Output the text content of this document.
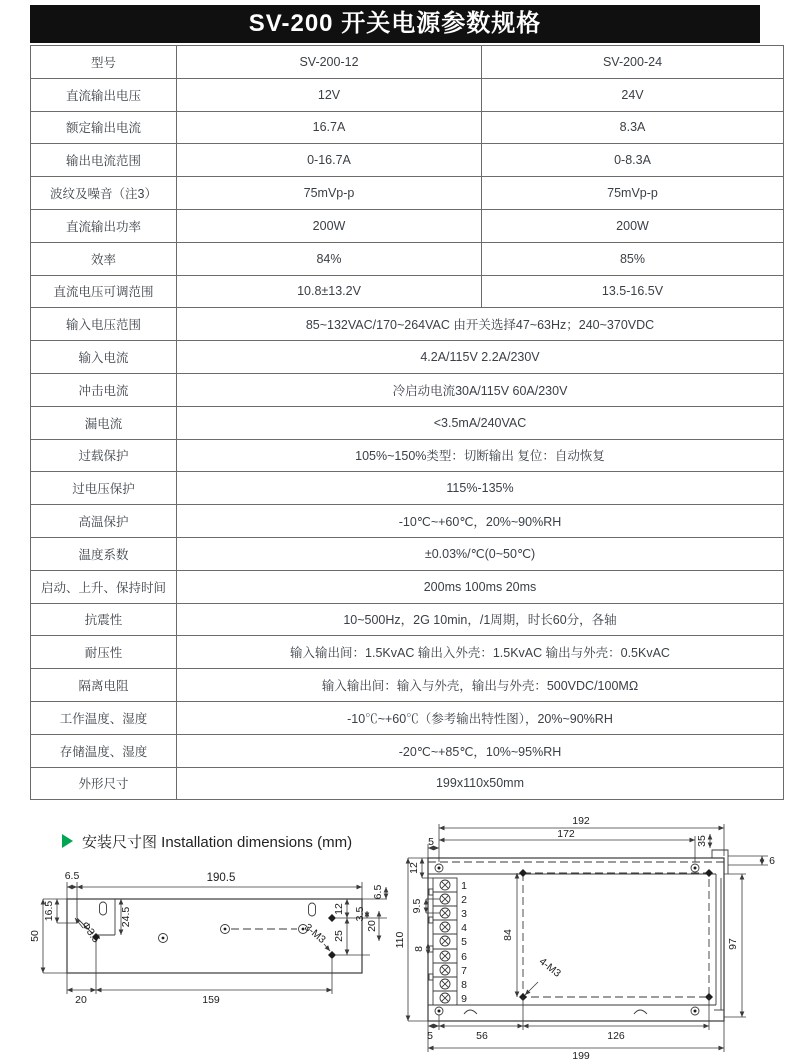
SV-200 开关电源参数规格
型号	SV-200-12	SV-200-24
直流输出电压	12V	24V
额定输出电流	16.7A	8.3A
输出电流范围	0-16.7A	0-8.3A
波纹及噪音（注3）	75mVp-p	75mVp-p
直流输出功率	200W	200W
效率	84%	85%
直流电压可调范围	10.8±13.2V	13.5-16.5V
输入电压范围	85~132VAC/170~264VAC 由开关选择47~63Hz；240~370VDC	
输入电流	4.2A/115V 2.2A/230V	
冲击电流	冷启动电流30A/115V 60A/230V	
漏电流	<3.5mA/240VAC	
过载保护	105%~150%类型：切断输出 复位：自动恢复	
过电压保护	115%-135%	
高温保护	-10℃~+60℃，20%~90%RH	
温度系数	±0.03%/℃(0~50℃)	
启动、上升、保持时间	200ms 100ms 20ms	
抗震性	10~500Hz，2G 10min，/1周期，时长60分，各轴	
耐压性	输入输出间：1.5KvAC 输出入外壳：1.5KvAC 输出与外壳：0.5KvAC	
隔离电阻	输入输出间：输入与外壳，输出与外壳：500VDC/100MΩ	
工作温度、湿度	-10℃~+60℃（参考输出特性图），20%~90%RH	
存储温度、湿度	-20℃~+85℃，10%~95%RH	
外形尺寸	199x110x50mm	
安装尺寸图 Installation dimensions (mm)
6.5	190.5
50
16.5	24.5
Φ3.5
12
25
3.5
20
6.5
3-M3
20	159
1
2
3
4
5
6
7
8
9
84
4-M3
192
172
5
12
9.5
8
110
35
6
97
5	56	126
199
